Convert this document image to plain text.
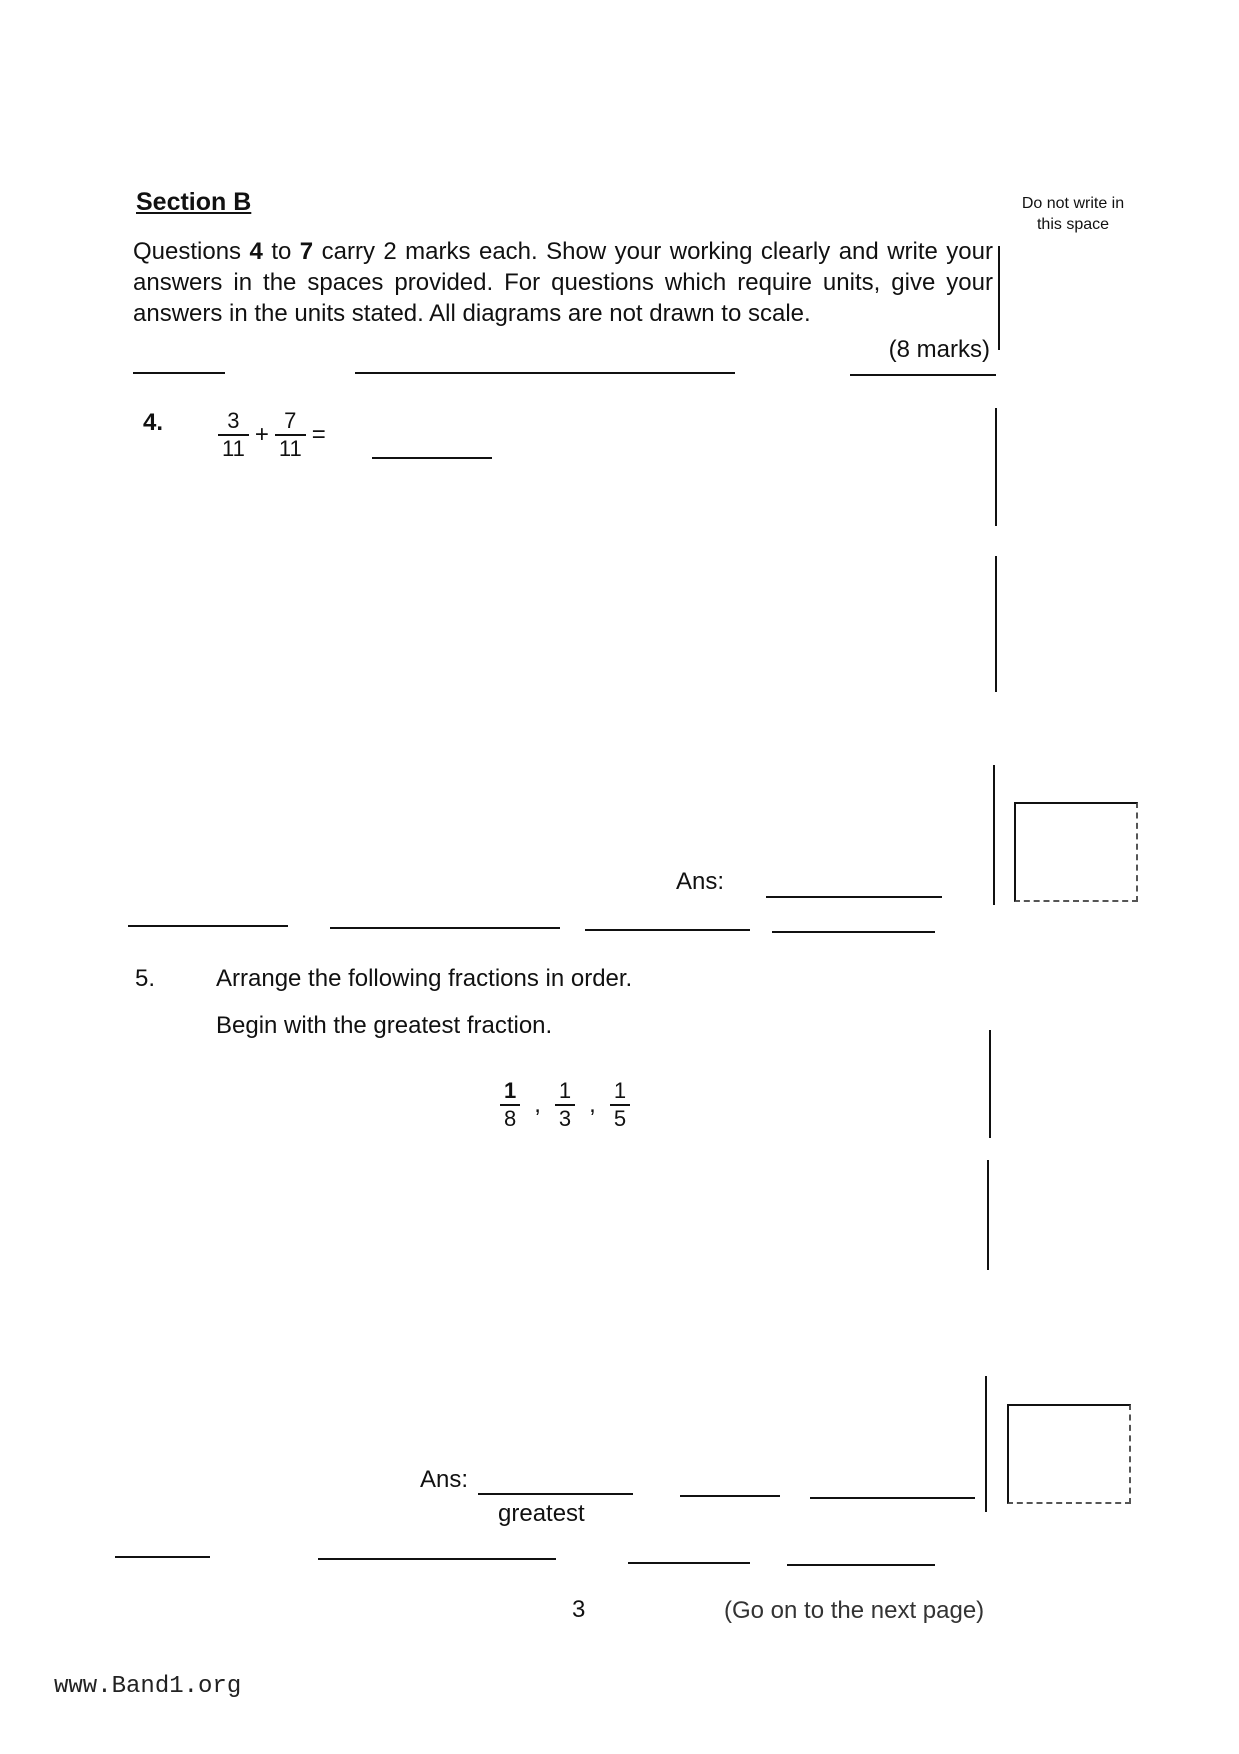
Section B	Do not write in this space
Questions 4 to 7 carry 2 marks each. Show your working clearly and write your answers in the spaces provided. For questions which require units, give your answers in the units stated. All diagrams are not drawn to scale.
(8 marks)
4. $\frac{3}{11} + \frac{7}{11}$ =
Ans:
5.	Arrange the following fractions in order.
Begin with the greatest fraction.
$\frac{1}{8}$ , $\frac{1}{3}$ , $\frac{1}{5}$
Ans:
greatest
3	(Go on to the next page)
www.Band1.org
